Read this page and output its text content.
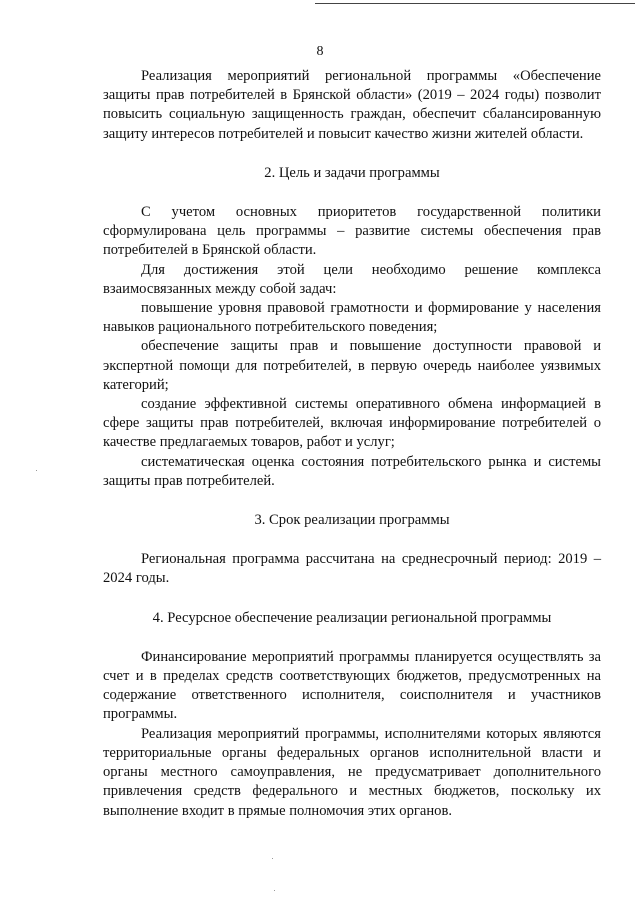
8

Реализация мероприятий региональной программы «Обеспечение защиты прав потребителей в Брянской области» (2019 – 2024 годы) позволит повысить социальную защищенность граждан, обеспечит сбалансированную защиту интересов потребителей и повысит качество жизни жителей области.

2. Цель и задачи программы

С учетом основных приоритетов государственной политики сформулирована цель программы – развитие системы обеспечения прав потребителей в Брянской области.

Для достижения этой цели необходимо решение комплекса взаимосвязанных между собой задач:

повышение уровня правовой грамотности и формирование у населения навыков рационального потребительского поведения;

обеспечение защиты прав и повышение доступности правовой и экспертной помощи для потребителей, в первую очередь наиболее уязвимых категорий;

создание эффективной системы оперативного обмена информацией в сфере защиты прав потребителей, включая информирование потребителей о качестве предлагаемых товаров, работ и услуг;

систематическая оценка состояния потребительского рынка и системы защиты прав потребителей.

3. Срок реализации программы

Региональная программа рассчитана на среднесрочный период: 2019 – 2024 годы.

4. Ресурсное обеспечение реализации региональной программы

Финансирование мероприятий программы планируется осуществлять за счет и в пределах средств соответствующих бюджетов, предусмотренных на содержание ответственного исполнителя, соисполнителя и участников программы.

Реализация мероприятий программы, исполнителями которых являются территориальные органы федеральных органов исполнительной власти и органы местного самоуправления, не предусматривает дополнительного привлечения средств федерального и местных бюджетов, поскольку их выполнение входит в прямые полномочия этих органов.
